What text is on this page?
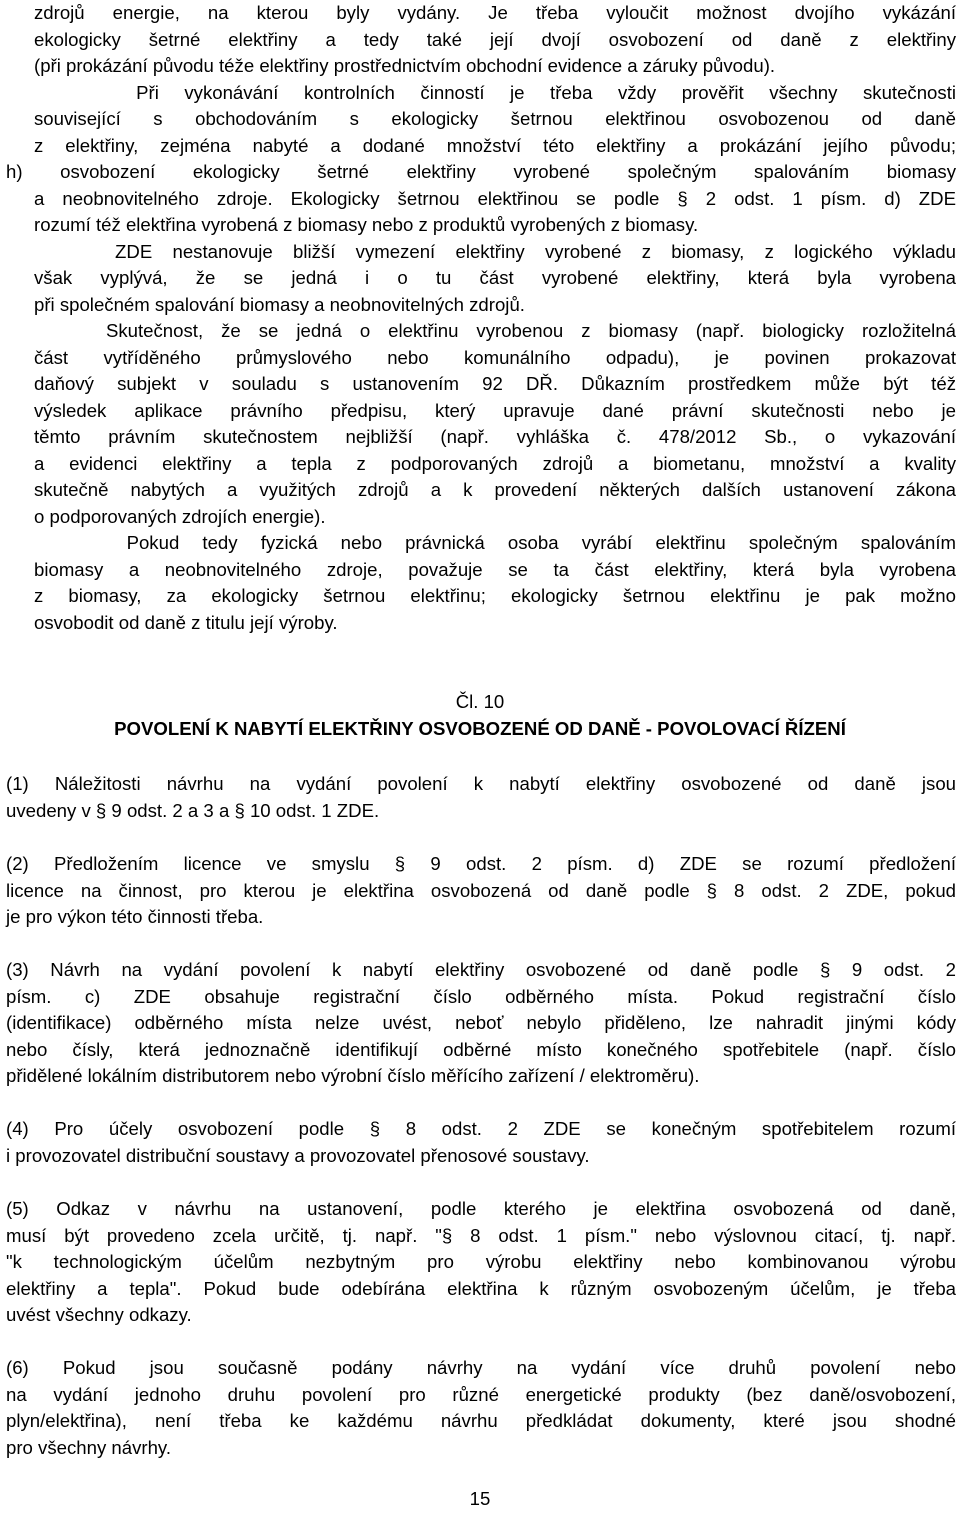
zdrojů energie, na kterou byly vydány. Je třeba vyloučit možnost dvojího vykázání
ekologicky šetrné elektřiny a tedy také její dvojí osvobození od daně z elektřiny
(při prokázání původu téže elektřiny prostřednictvím obchodní evidence a záruky původu).
Při vykonávání kontrolních činností je třeba vždy prověřit všechny skutečnosti
související s obchodováním s ekologicky šetrnou elektřinou osvobozenou od daně
z elektřiny, zejména nabyté a dodané množství této elektřiny a prokázání jejího původu;
h) osvobození ekologicky šetrné elektřiny vyrobené společným spalováním biomasy
a neobnovitelného zdroje. Ekologicky šetrnou elektřinou se podle § 2 odst. 1 písm. d) ZDE
rozumí též elektřina vyrobená z biomasy nebo z produktů vyrobených z biomasy.
ZDE nestanovuje bližší vymezení elektřiny vyrobené z biomasy, z logického výkladu
však vyplývá, že se jedná i o tu část vyrobené elektřiny, která byla vyrobena
při společném spalování biomasy a neobnovitelných zdrojů.
Skutečnost, že se jedná o elektřinu vyrobenou z biomasy (např. biologicky rozložitelná
část vytříděného průmyslového nebo komunálního odpadu), je povinen prokazovat
daňový subjekt v souladu s ustanovením 92 DŘ. Důkazním prostředkem může být též
výsledek aplikace právního předpisu, který upravuje dané právní skutečnosti nebo je
těmto právním skutečnostem nejbližší (např. vyhláška č. 478/2012 Sb., o vykazování
a evidenci elektřiny a tepla z podporovaných zdrojů a biometanu, množství a kvality
skutečně nabytých a využitých zdrojů a k provedení některých dalších ustanovení zákona
o podporovaných zdrojích energie).
Pokud tedy fyzická nebo právnická osoba vyrábí elektřinu společným spalováním
biomasy a neobnovitelného zdroje, považuje se ta část elektřiny, která byla vyrobena
z biomasy, za ekologicky šetrnou elektřinu; ekologicky šetrnou elektřinu je pak možno
osvobodit od daně z titulu její výroby.
Čl. 10
POVOLENÍ K NABYTÍ ELEKTŘINY OSVOBOZENÉ OD DANĚ - POVOLOVACÍ ŘÍZENÍ
(1) Náležitosti návrhu na vydání povolení k nabytí elektřiny osvobozené od daně jsou
uvedeny v § 9 odst. 2 a 3 a § 10 odst. 1 ZDE.
(2) Předložením licence ve smyslu § 9 odst. 2 písm. d) ZDE se rozumí předložení
licence na činnost, pro kterou je elektřina osvobozená od daně podle § 8 odst. 2 ZDE, pokud
je pro výkon této činnosti třeba.
(3) Návrh na vydání povolení k nabytí elektřiny osvobozené od daně podle § 9 odst. 2
písm. c) ZDE obsahuje registrační číslo odběrného místa. Pokud registrační číslo
(identifikace) odběrného místa nelze uvést, neboť nebylo přiděleno, lze nahradit jinými kódy
nebo čísly, která jednoznačně identifikují odběrné místo konečného spotřebitele (např. číslo
přidělené lokálním distributorem nebo výrobní číslo měřícího zařízení / elektroměru).
(4) Pro účely osvobození podle § 8 odst. 2 ZDE se konečným spotřebitelem rozumí
i provozovatel distribuční soustavy a provozovatel přenosové soustavy.
(5) Odkaz v návrhu na ustanovení, podle kterého je elektřina osvobozená od daně,
musí být provedeno zcela určitě, tj. např. "§ 8 odst. 1 písm." nebo výslovnou citací, tj. např.
"k technologickým účelům nezbytným pro výrobu elektřiny nebo kombinovanou výrobu
elektřiny a tepla". Pokud bude odebírána elektřina k různým osvobozeným účelům, je třeba
uvést všechny odkazy.
(6) Pokud jsou současně podány návrhy na vydání více druhů povolení nebo
na vydání jednoho druhu povolení pro různé energetické produkty (bez daně/osvobození,
plyn/elektřina), není třeba ke každému návrhu předkládat dokumenty, které jsou shodné
pro všechny návrhy.
15
